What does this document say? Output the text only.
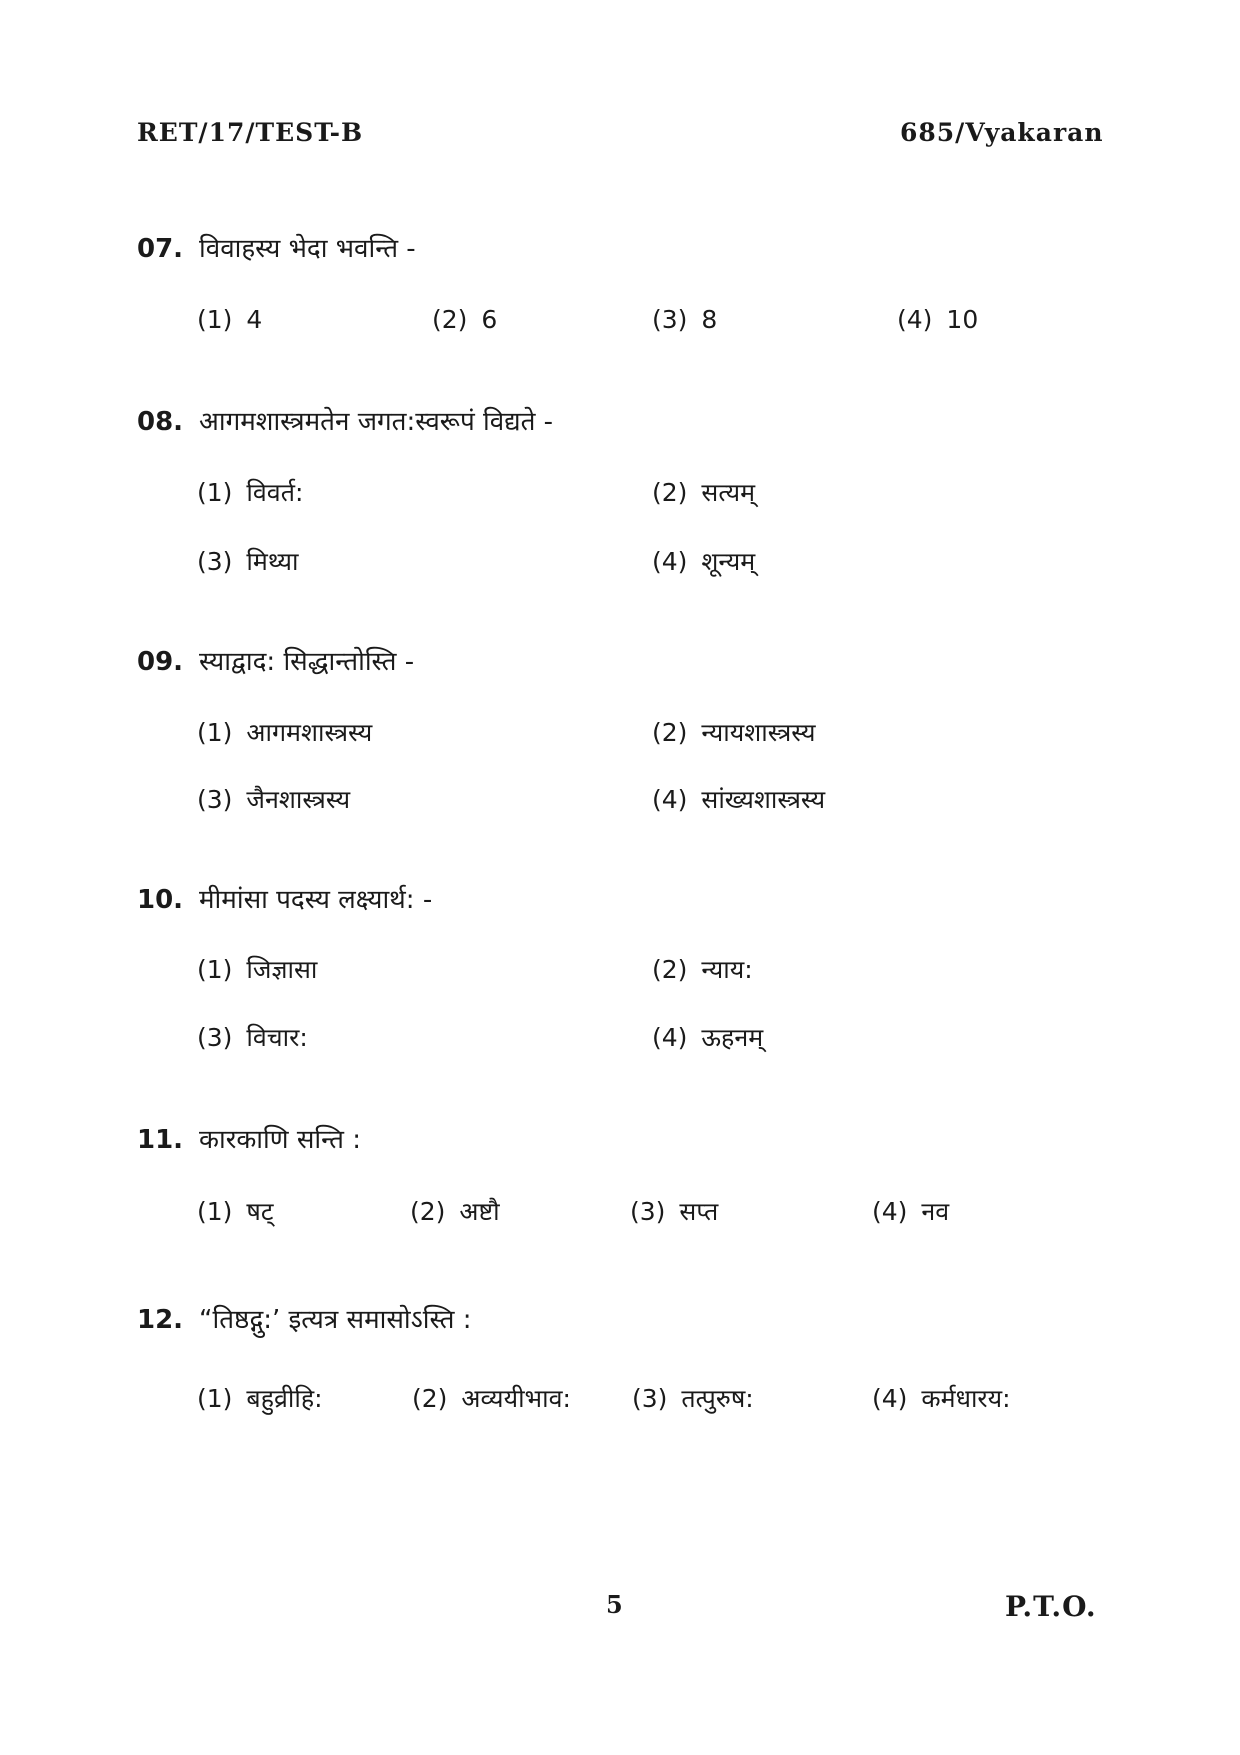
RET/17/TEST-B	685/Vyakaran
07. विवाहस्य भेदा भवन्ति -
(1) 4	(2) 6	(3) 8	(4) 10
08. आगमशास्त्रमतेन जगत:स्वरूपं विद्यते -
(1) विवर्त:	(2) सत्यम्
(3) मिथ्या	(4) शून्यम्
09. स्याद्वाद: सिद्धान्तोस्ति -
(1) आगमशास्त्रस्य	(2) न्यायशास्त्रस्य
(3) जैनशास्त्रस्य	(4) सांख्यशास्त्रस्य
10. मीमांसा पदस्य लक्ष्यार्थ: -
(1) जिज्ञासा	(2) न्याय:
(3) विचार:	(4) ऊहनम्
11. कारकाणि सन्ति :
(1) षट्	(2) अष्टौ	(3) सप्त	(4) नव
12. “तिष्ठद्गु:’ इत्यत्र समासोऽस्ति :
(1) बहुव्रीहि:	(2) अव्ययीभाव: (3) तत्पुरुष:	(4) कर्मधारय:
5	P.T.O.
